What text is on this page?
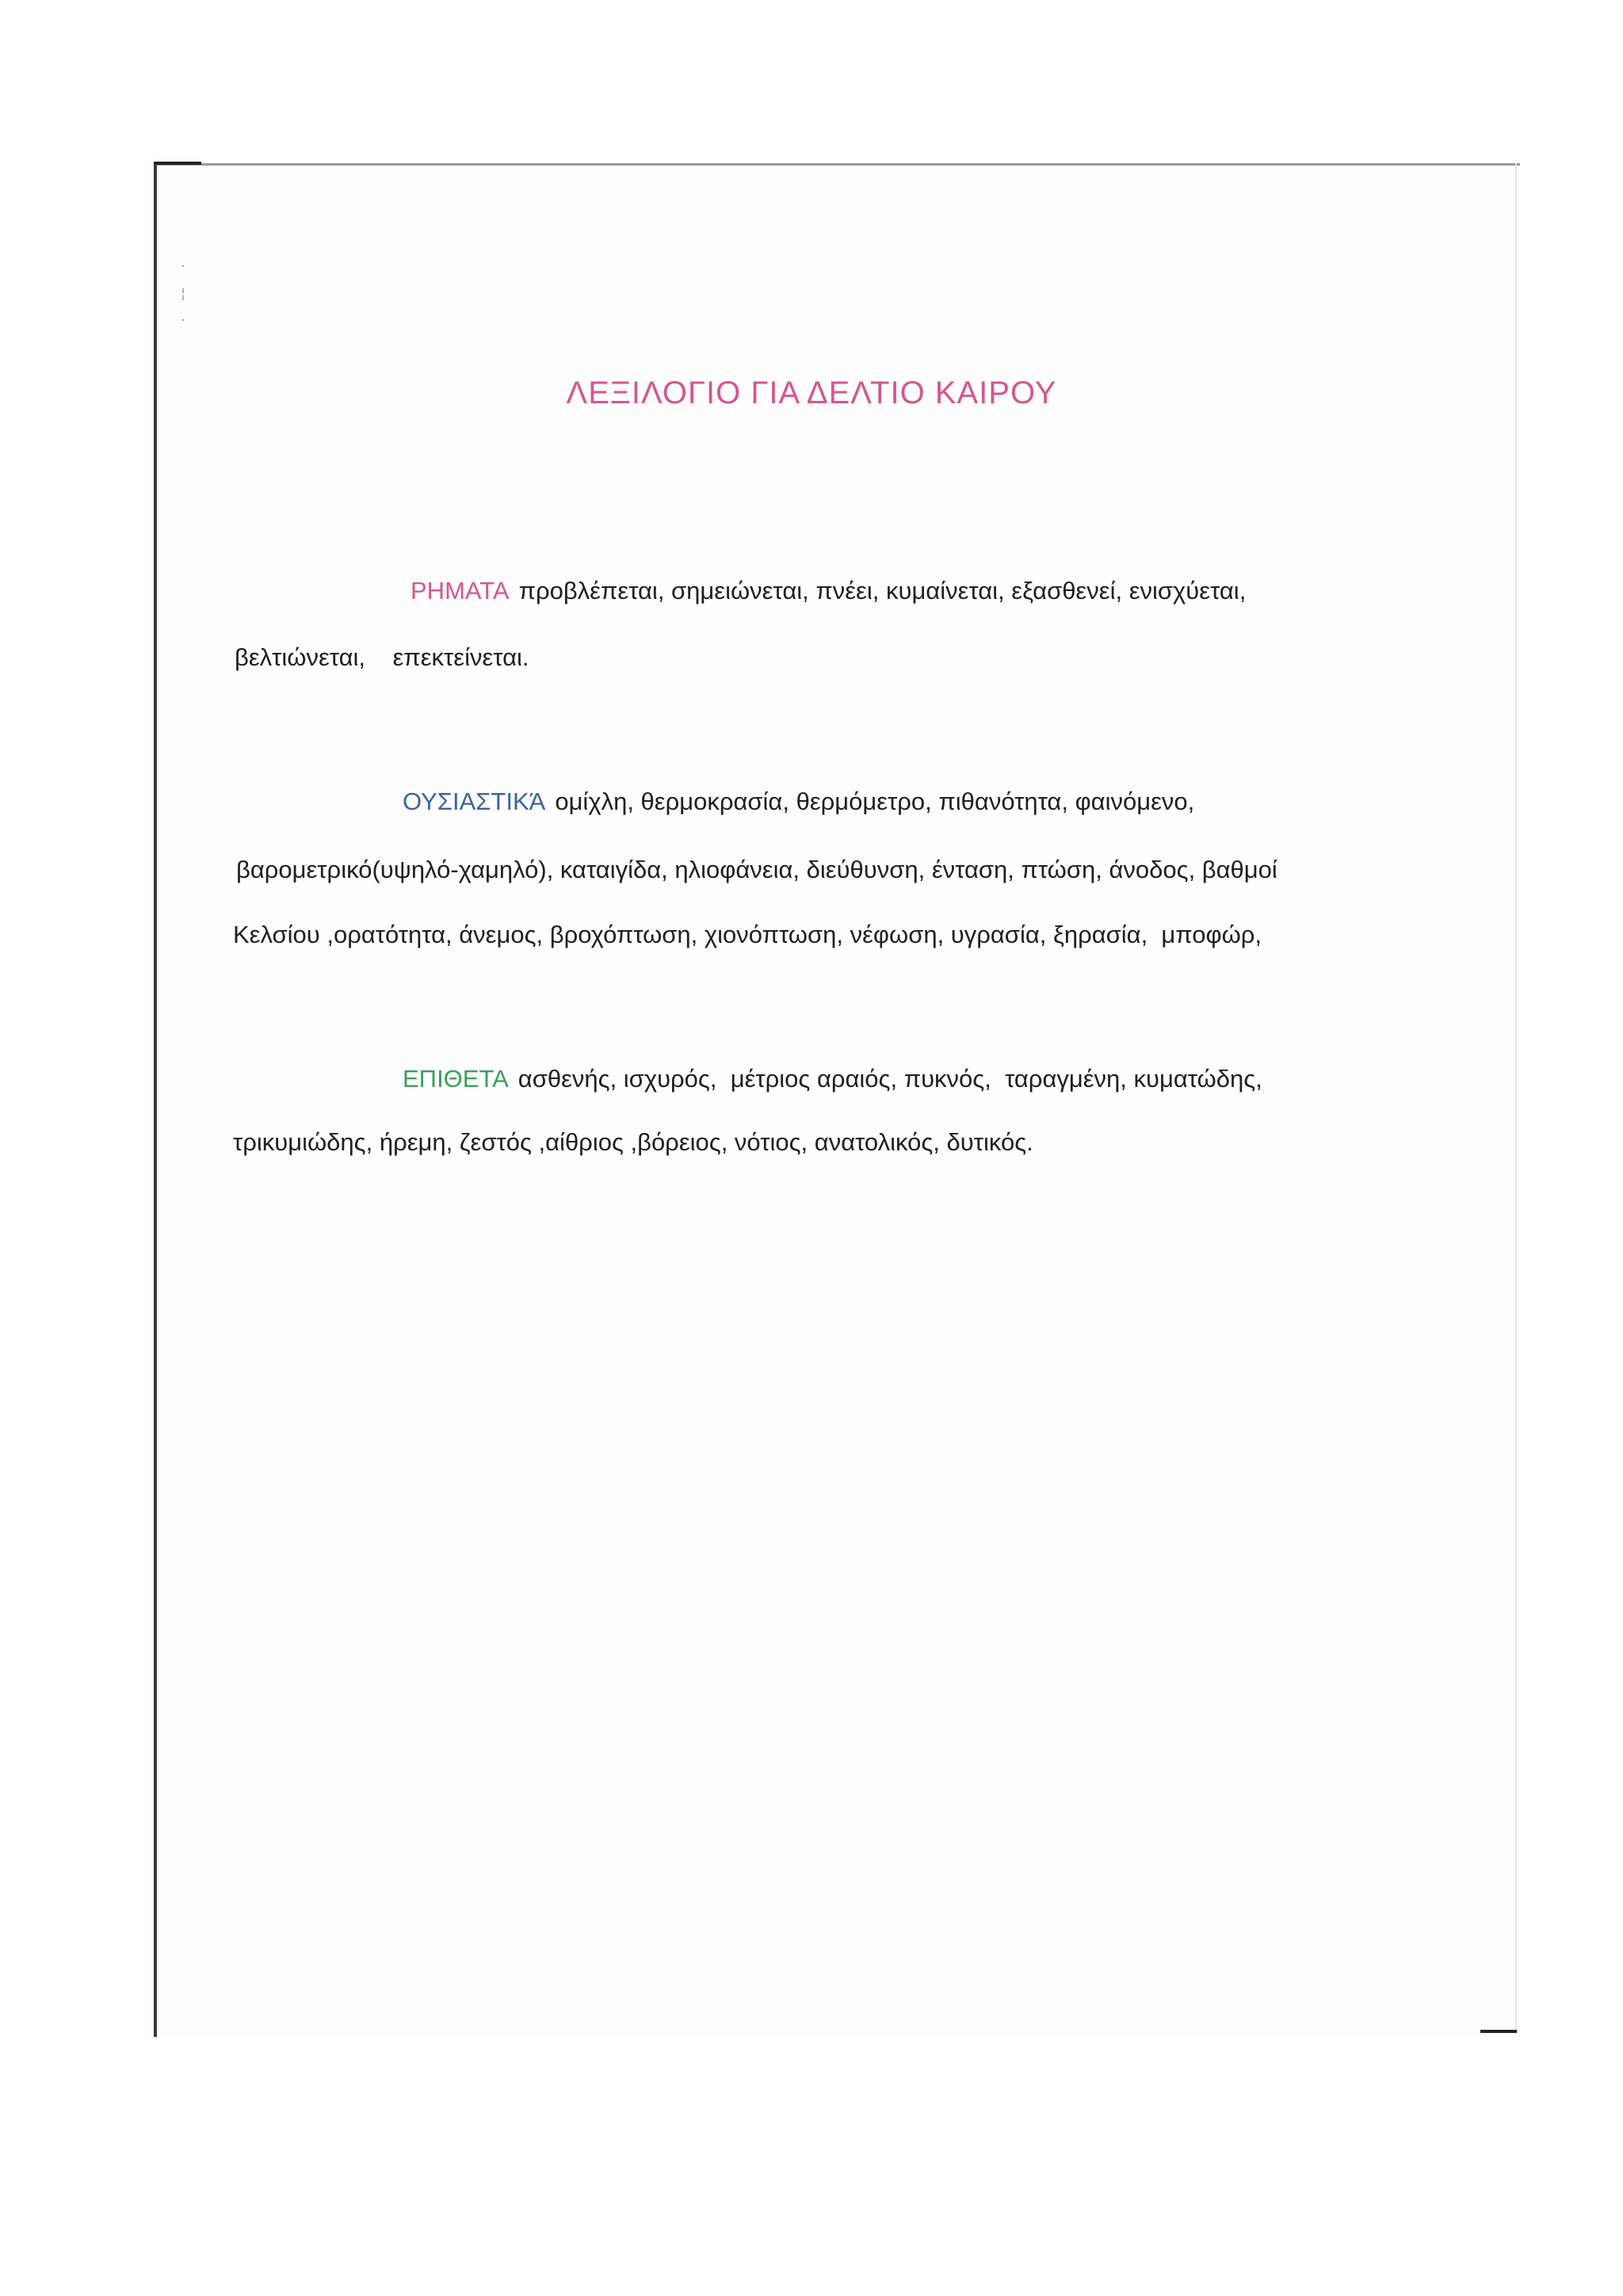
·
¦
·
ΛΕΞΙΛΟΓΙΟ ΓΙΑ ΔΕΛΤΙΟ ΚΑΙΡΟΥ
ΡΗΜΑΤΑ προβλέπεται, σημειώνεται, πνέει, κυμαίνεται, εξασθενεί, ενισχύεται,
βελτιώνεται,    επεκτείνεται.
ΟΥΣΙΑΣΤΙΚΆ ομίχλη, θερμοκρασία, θερμόμετρο, πιθανότητα, φαινόμενο,
βαρομετρικό(υψηλό-χαμηλό), καταιγίδα, ηλιοφάνεια, διεύθυνση, ένταση, πτώση, άνοδος, βαθμοί
Κελσίου ,ορατότητα, άνεμος, βροχόπτωση, χιονόπτωση, νέφωση, υγρασία, ξηρασία,  μποφώρ,
ΕΠΙΘΕΤΑ ασθενής, ισχυρός,  μέτριος αραιός, πυκνός,  ταραγμένη, κυματώδης,
τρικυμιώδης, ήρεμη, ζεστός ,αίθριος ,βόρειος, νότιος, ανατολικός, δυτικός.
